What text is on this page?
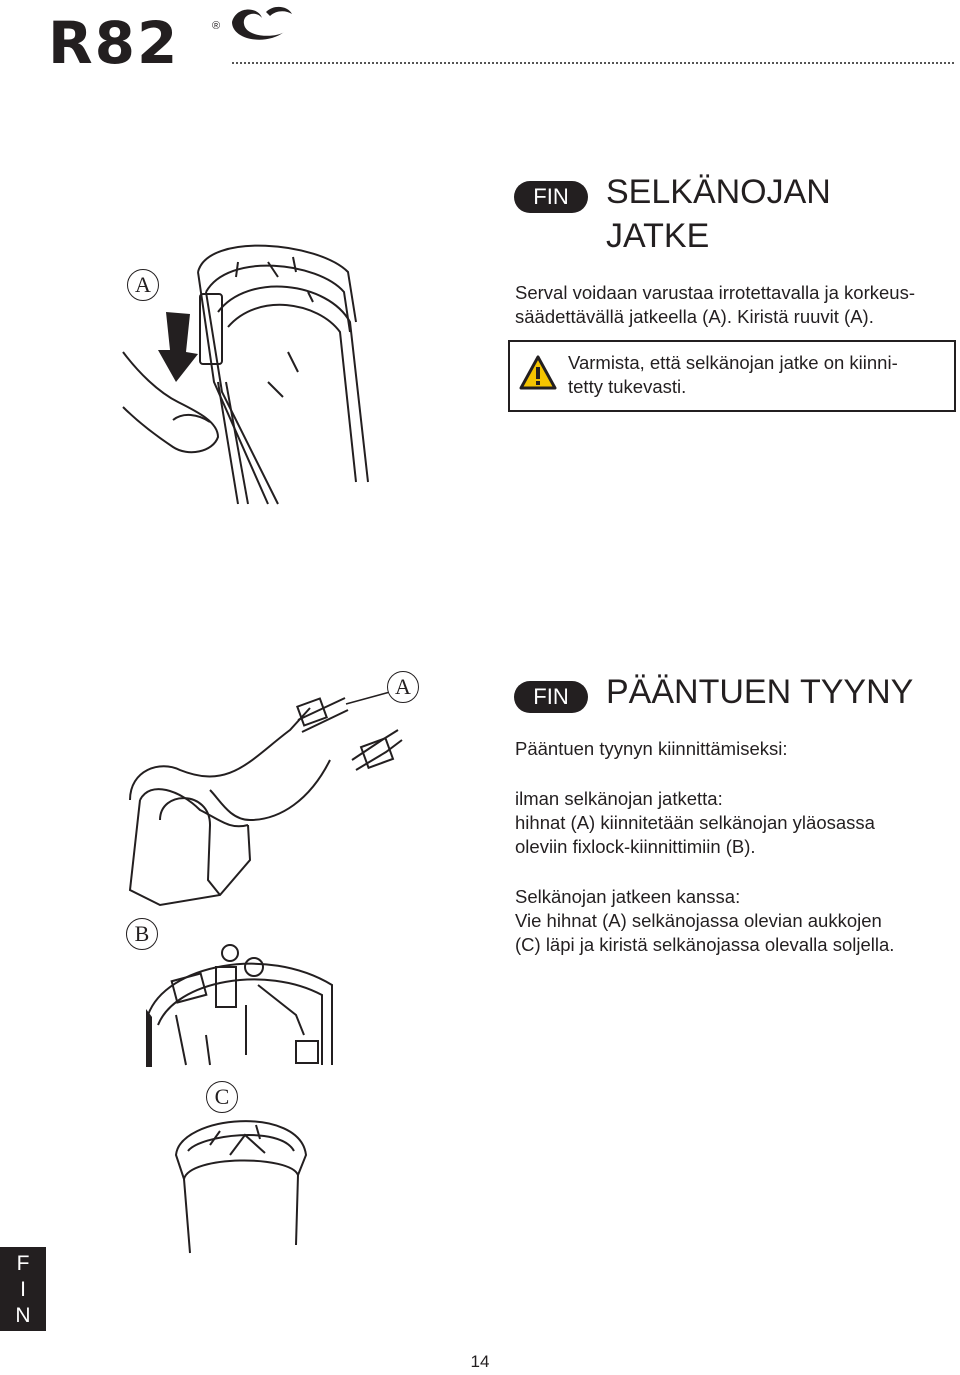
R82	®
A
FIN	SELKÄNOJAN
JATKE
Serval voidaan varustaa irrotettavalla ja korkeus-
säädettävällä jatkeella (A). Kiristä ruuvit (A).
Varmista, että selkänojan jatke on kiinni-
tetty tukevasti.
A
B
C
FIN	PÄÄNTUEN TYYNY
Pääntuen tyynyn kiinnittämiseksi:
ilman selkänojan jatketta:
hihnat (A) kiinnitetään selkänojan yläosassa
oleviin fixlock-kiinnittimiin (B).
Selkänojan jatkeen kanssa:
Vie hihnat (A) selkänojassa olevian aukkojen
(C) läpi ja kiristä selkänojassa olevalla soljella.
F
I
N
14
